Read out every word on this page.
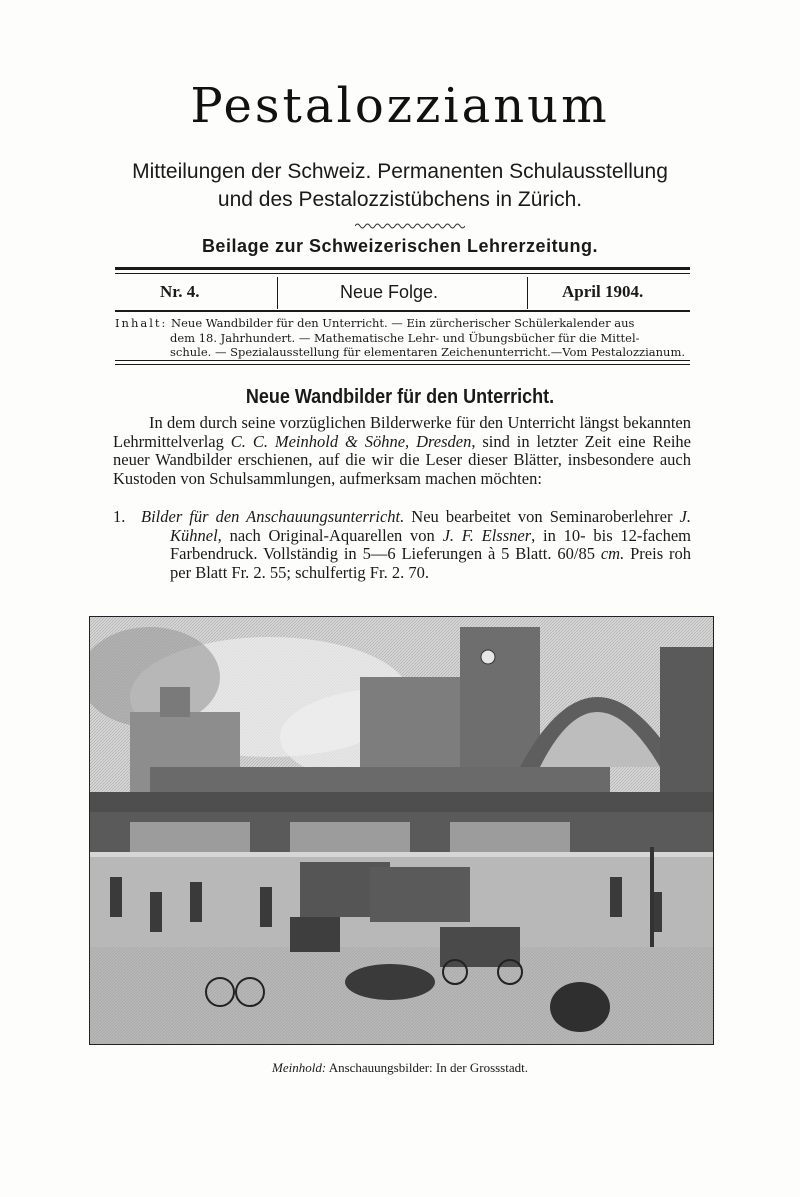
Pestalozzianum
Mitteilungen der Schweiz. Permanenten Schulausstellung
und des Pestalozzistübchens in Zürich.
Beilage zur Schweizerischen Lehrerzeitung.
Nr. 4.	Neue Folge.	April 1904.
Inhalt: Neue Wandbilder für den Unterricht. — Ein zürcherischer Schülerkalender aus
dem 18. Jahrhundert. — Mathematische Lehr- und Übungsbücher für die Mittel-
schule. — Spezialausstellung für elementaren Zeichenunterricht.—Vom Pestalozzianum.
Neue Wandbilder für den Unterricht.

In dem durch seine vorzüglichen Bilderwerke für den Unterricht längst bekannten Lehrmittelverlag C. C. Meinhold & Söhne, Dresden, sind in letzter Zeit eine Reihe neuer Wandbilder erschienen, auf die wir die Leser dieser Blätter, insbesondere auch Kustoden von Schulsammlungen, aufmerksam machen möchten:

1. Bilder für den Anschauungsunterricht. Neu bearbeitet von Seminaroberlehrer J. Kühnel, nach Original-Aquarellen von J. F. Elssner, in 10- bis 12-fachem Farbendruck. Vollständig in 5—6 Lieferungen à 5 Blatt. 60/85 cm. Preis roh per Blatt Fr. 2. 55; schulfertig Fr. 2. 70.
Meinhold: Anschauungsbilder: In der Grossstadt.
